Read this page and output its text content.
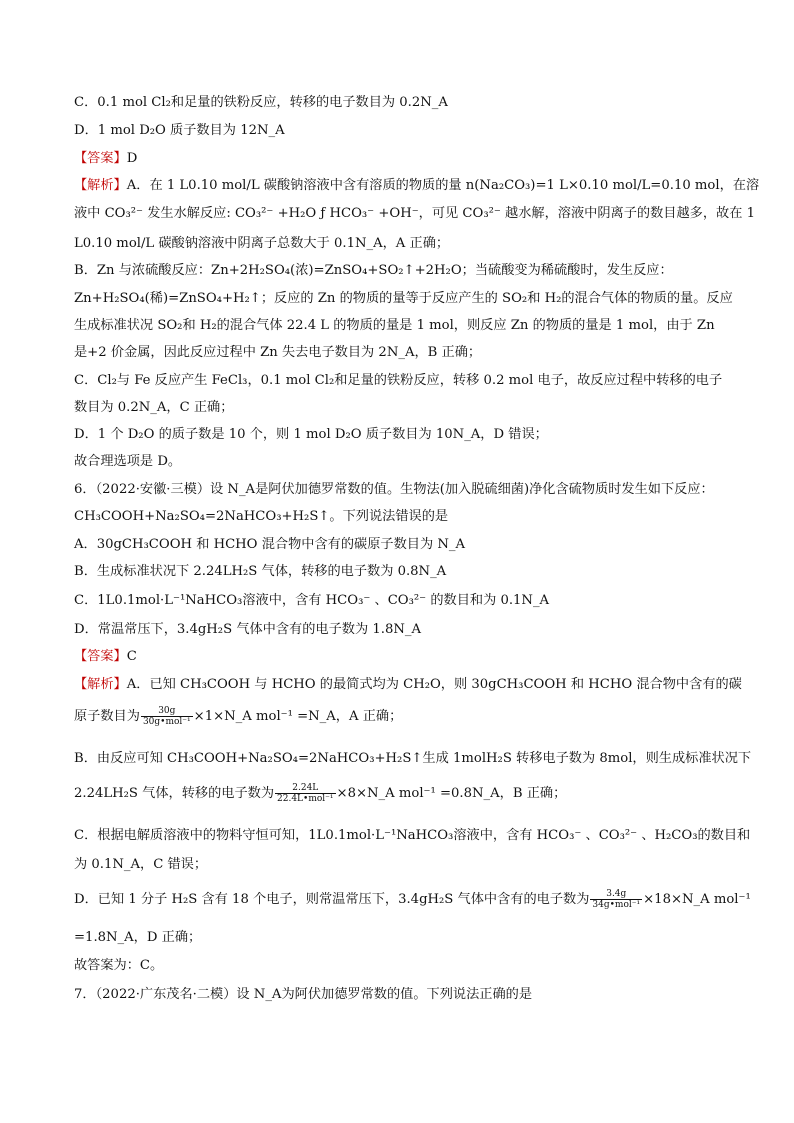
C．0.1 mol Cl₂和足量的铁粉反应，转移的电子数目为 0.2N_A
D．1 mol D₂O 质子数目为 12N_A
【答案】D
【解析】A．在 1 L0.10 mol/L 碳酸钠溶液中含有溶质的物质的量 n(Na₂CO₃)=1 L×0.10 mol/L=0.10 mol，在溶
液中 CO₃²⁻ 发生水解反应: CO₃²⁻ +H₂O ƒ HCO₃⁻ +OH⁻，可见 CO₃²⁻ 越水解，溶液中阴离子的数目越多，故在 1
L0.10 mol/L 碳酸钠溶液中阴离子总数大于 0.1N_A，A 正确；
B．Zn 与浓硫酸反应：Zn+2H₂SO₄(浓)=ZnSO₄+SO₂↑+2H₂O；当硫酸变为稀硫酸时，发生反应：
Zn+H₂SO₄(稀)=ZnSO₄+H₂↑；反应的 Zn 的物质的量等于反应产生的 SO₂和 H₂的混合气体的物质的量。反应
生成标准状况 SO₂和 H₂的混合气体 22.4 L 的物质的量是 1 mol，则反应 Zn 的物质的量是 1 mol，由于 Zn
是+2 价金属，因此反应过程中 Zn 失去电子数目为 2N_A，B 正确；
C．Cl₂与 Fe 反应产生 FeCl₃，0.1 mol Cl₂和足量的铁粉反应，转移 0.2 mol 电子，故反应过程中转移的电子
数目为 0.2N_A，C 正确；
D．1 个 D₂O 的质子数是 10 个，则 1 mol D₂O 质子数目为 10N_A，D 错误；
故合理选项是 D。
6．（2022·安徽·三模）设 N_A是阿伏加德罗常数的值。生物法(加入脱硫细菌)净化含硫物质时发生如下反应：
CH₃COOH+Na₂SO₄=2NaHCO₃+H₂S↑。下列说法错误的是
A．30gCH₃COOH 和 HCHO 混合物中含有的碳原子数目为 N_A
B．生成标准状况下 2.24LH₂S 气体，转移的电子数为 0.8N_A
C．1L0.1mol·L⁻¹NaHCO₃溶液中，含有 HCO₃⁻ 、CO₃²⁻ 的数目和为 0.1N_A
D．常温常压下，3.4gH₂S 气体中含有的电子数为 1.8N_A
【答案】C
【解析】A．已知 CH₃COOH 与 HCHO 的最简式均为 CH₂O，则 30gCH₃COOH 和 HCHO 混合物中含有的碳
原子数目为 $\frac{30g}{\text{30g•mol⁻¹}}$ ×1×N_A mol⁻¹ =N_A，A 正确；
B．由反应可知 CH₃COOH+Na₂SO₄=2NaHCO₃+H₂S↑生成 1molH₂S 转移电子数为 8mol，则生成标准状况下
2.24LH₂S 气体，转移的电子数为 $\frac{2.24L}{\text{22.4L•mol⁻¹}}$ ×8×N_A mol⁻¹ =0.8N_A，B 正确；
C．根据电解质溶液中的物料守恒可知，1L0.1mol·L⁻¹NaHCO₃溶液中，含有 HCO₃⁻ 、CO₃²⁻ 、H₂CO₃的数目和
为 0.1N_A，C 错误；
D．已知 1 分子 H₂S 含有 18 个电子，则常温常压下，3.4gH₂S 气体中含有的电子数为 $\frac{3.4g}{\text{34g•mol⁻¹}}$ ×18×N_A mol⁻¹
=1.8N_A，D 正确；
故答案为：C。
7．（2022·广东茂名·二模）设 N_A为阿伏加德罗常数的值。下列说法正确的是
